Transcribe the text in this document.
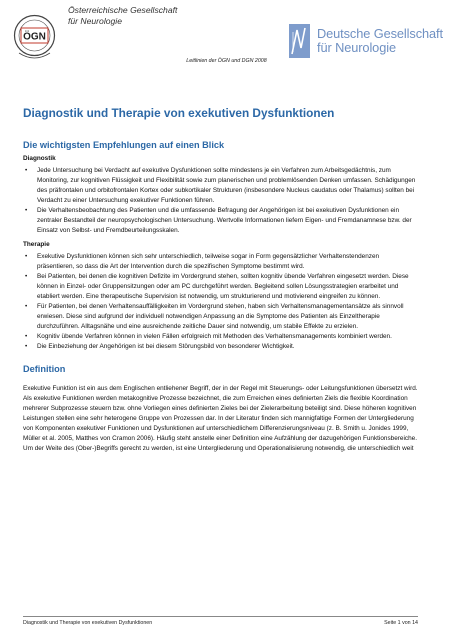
ÖGN
Österreichische Gesellschaft
für Neurologie
Deutsche Gesellschaft
für Neurologie
Leitlinien der ÖGN und DGN 2008
Diagnostik und Therapie von exekutiven Dysfunktionen
Die wichtigsten Empfehlungen auf einen Blick
Diagnostik
• Jede Untersuchung bei Verdacht auf exekutive Dysfunktionen sollte mindestens je ein Verfahren zum Arbeitsgedächtnis, zum Monitoring, zur kognitiven Flüssigkeit und Flexibilität sowie zum planerischen und problemlösenden Denken umfassen. Schädigungen des präfrontalen und orbitofrontalen Kortex oder subkortikaler Strukturen (insbesondere Nucleus caudatus oder Thalamus) sollten bei Verdacht zu einer Untersuchung exekutiver Funktionen führen.
• Die Verhaltensbeobachtung des Patienten und die umfassende Befragung der Angehörigen ist bei exekutiven Dysfunktionen ein zentraler Bestandteil der neuropsychologischen Untersuchung. Wertvolle Informationen liefern Eigen- und Fremdanamnese bzw. der Einsatz von Selbst- und Fremdbeurteilungsskalen.
Therapie
• Exekutive Dysfunktionen können sich sehr unterschiedlich, teilweise sogar in Form gegensätzlicher Verhaltenstendenzen präsentieren, so dass die Art der Intervention durch die spezifischen Symptome bestimmt wird.
• Bei Patienten, bei denen die kognitiven Defizite im Vordergrund stehen, sollten kognitiv übende Verfahren eingesetzt werden. Diese können in Einzel- oder Gruppensitzungen oder am PC durchgeführt werden. Begleitend sollen Lösungsstrategien erarbeitet und etabliert werden. Eine therapeutische Supervision ist notwendig, um strukturierend und motivierend eingreifen zu können.
• Für Patienten, bei denen Verhaltensauffälligkeiten im Vordergrund stehen, haben sich Verhaltensmanagementansätze als sinnvoll erwiesen. Diese sind aufgrund der individuell notwendigen Anpassung an die Symptome des Patienten als Einzeltherapie durchzuführen. Alltagsnähe und eine ausreichende zeitliche Dauer sind notwendig, um stabile Effekte zu erzielen.
• Kognitiv übende Verfahren können in vielen Fällen erfolgreich mit Methoden des Verhaltensmanagements kombiniert werden.
• Die Einbeziehung der Angehörigen ist bei diesem Störungsbild von besonderer Wichtigkeit.
Definition
Exekutive Funktion ist ein aus dem Englischen entliehener Begriff, der in der Regel mit Steuerungs- oder Leitungsfunktionen übersetzt wird. Als exekutive Funktionen werden metakognitive Prozesse bezeichnet, die zum Erreichen eines definierten Ziels die flexible Koordination mehrerer Subprozesse steuern bzw. ohne Vorliegen eines definierten Zieles bei der Zielerarbeitung beteiligt sind. Diese höheren kognitiven Leistungen stellen eine sehr heterogene Gruppe von Prozessen dar. In der Literatur finden sich mannigfaltige Formen der Untergliederung von Komponenten exekutiver Funktionen und Dysfunktionen auf unterschiedlichem Differenzierungsniveau (z. B. Smith u. Jonides 1999, Müller et al. 2005, Matthes von Cramon 2006). Häufig steht anstelle einer Definition eine Aufzählung der dazugehörigen Funktionsbereiche. Um der Weite des (Ober-)Begriffs gerecht zu werden, ist eine Untergliederung und Operationalisierung notwendig, die unterschiedlich weit
Diagnostik und Therapie von exekutiven Dysfunktionen	Seite 1 von 14
